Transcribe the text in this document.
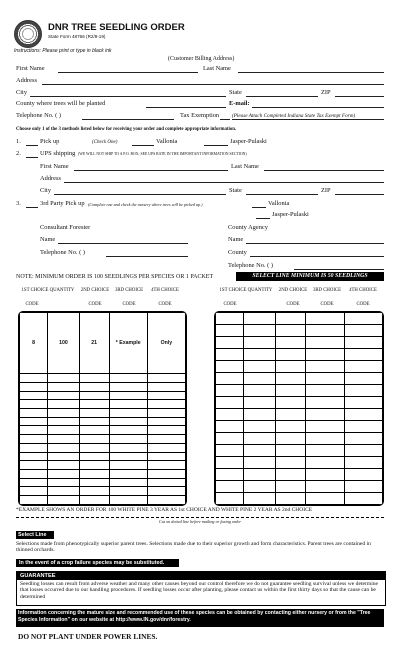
DNR TREE SEEDLING ORDER
State Form 48766 (R2/8-19)
Instructions: Please print or type in black ink
(Customer Billing Address)
First Name	Last Name
Address
City	State	ZIP
County where trees will be planted	E-mail:
Telephone No. ( )	Tax Exemption (Please Attach Completed Indiana State Tax Exempt Form)
Choose only 1 of the 3 methods listed below for receiving your order and complete appropriate information.
1.	Pick up	(Check One)	Vallonia	Jasper-Pulaski
2.	UPS shipping (WE WILL NOT SHIP TO A P.O. BOX; SEE UPS RATE IN THE IMPORTANT INFORMATION SECTION)
First Name	Last Name
Address
City	State	ZIP
3.	3rd Party Pick up (Complete one and check the nursery where trees will be picked up.)	Vallonia
Jasper-Pulaski
Consultant Forester	County Agency
Name	Name
Telephone No. ( )	County
Telephone No. ( )
NOTE: MINIMUM ORDER IS 100 SEEDLINGS PER SPECIES OR 1 PACKET	SELECT LINE MINIMUM IS 50 SEEDLINGS
1ST CHOICE QUANTITY	2ND CHOICE	3RD CHOICE	4TH CHOICE
CODE	CODE	CODE	CODE
1ST CHOICE QUANTITY	2ND CHOICE	3RD CHOICE	4TH CHOICE
CODE	CODE	CODE	CODE
8	100	21	* Example	Only

*EXAMPLE SHOWS AN ORDER FOR 100 WHITE PINE 3 YEAR AS 1st CHOICE AND WHITE PINE 2 YEAR AS 2nd CHOICE
Cut on dotted line before mailing or faxing order
Select Line
Selections made from phenotypically superior parent trees. Selections made due to their superior growth and form characteristics. Parent trees are contained in thinned orchards.
In the event of a crop failure species may be substituted.
GUARANTEE
Seedling losses can result from adverse weather and many other causes beyond our control therefore we do not guarantee seedling survival unless we determine that losses occurred due to our handling procedures. If seedling losses occur after planting, please contact us within the first thirty days so that the cause can be determined
Information concerning the mature size and recommended use of these species can be obtained by contacting either nursery or from the "Tree Species Information" on our website at http://www.IN.gov/dnr/forestry.
DO NOT PLANT UNDER POWER LINES.
